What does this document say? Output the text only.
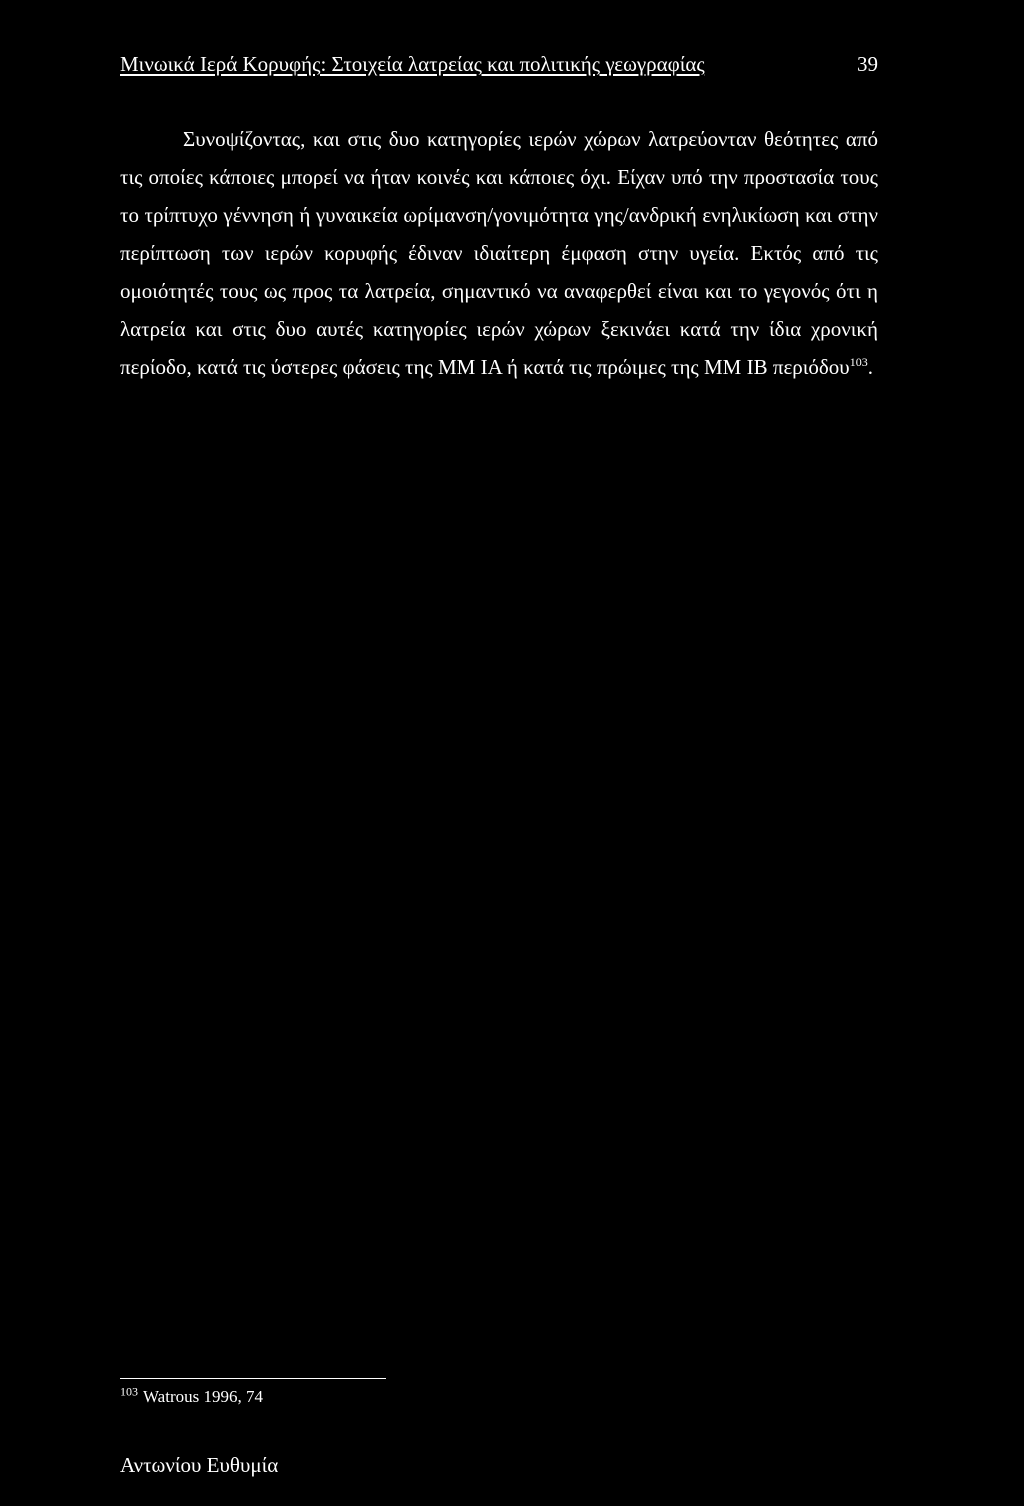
Μινωικά Ιερά Κορυφής: Στοιχεία λατρείας και πολιτικής γεωγραφίας	39

Συνοψίζοντας, και στις δυο κατηγορίες ιερών χώρων λατρεύονταν θεότητες από τις οποίες κάποιες μπορεί να ήταν κοινές και κάποιες όχι. Είχαν υπό την προστασία τους το τρίπτυχο γέννηση ή γυναικεία ωρίμανση/γονιμότητα γης/ανδρική ενηλικίωση και στην περίπτωση των ιερών κορυφής έδιναν ιδιαίτερη έμφαση στην υγεία. Εκτός από τις ομοιότητές τους ως προς τα λατρεία, σημαντικό να αναφερθεί είναι και το γεγονός ότι η λατρεία και στις δυο αυτές κατηγορίες ιερών χώρων ξεκινάει κατά την ίδια χρονική περίοδο, κατά τις ύστερες φάσεις της ΜΜ ΙΑ ή κατά τις πρώιμες της ΜΜ ΙΒ περιόδου$^{103}$.

$^{103}$ Watrous 1996, 74
Αντωνίου Ευθυμία
